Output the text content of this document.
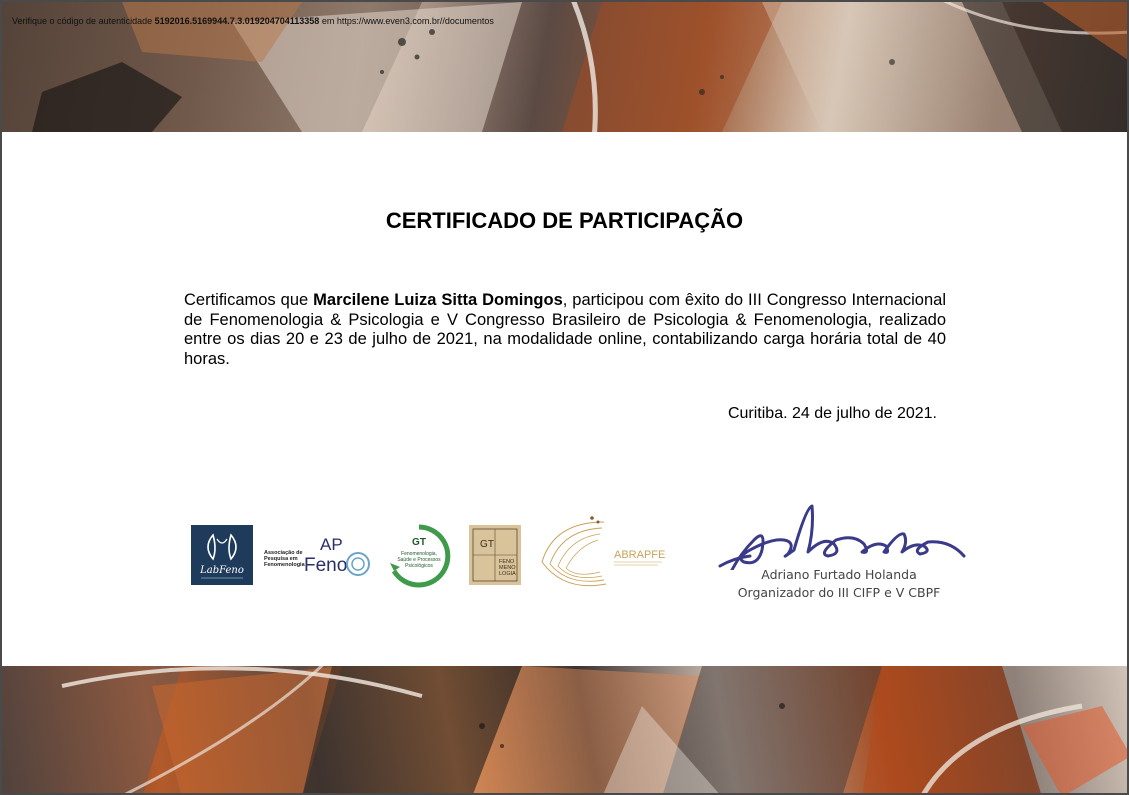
Verifique o código de autenticidade 5192016.5169944.7.3.019204704113358 em https://www.even3.com.br//documentos
CERTIFICADO DE PARTICIPAÇÃO

Certificamos que Marcilene Luiza Sitta Domingos, participou com êxito do III Congresso Internacional de Fenomenologia & Psicologia e V Congresso Brasileiro de Psicologia & Fenomenologia, realizado entre os dias 20 e 23 de julho de 2021, na modalidade online, contabilizando carga horária total de 40 horas.

Curitiba. 24 de julho de 2021.
LabFeno
Associação de
Pesquisa em
Fenomenologia
AP
Feno
GT
Fenomenologia,
Saúde e Processos
Psicológicos
GT
FENO
MENO
LOGIA
ABRAPFE
Adriano Furtado Holanda
Organizador do III CIFP e V CBPF
